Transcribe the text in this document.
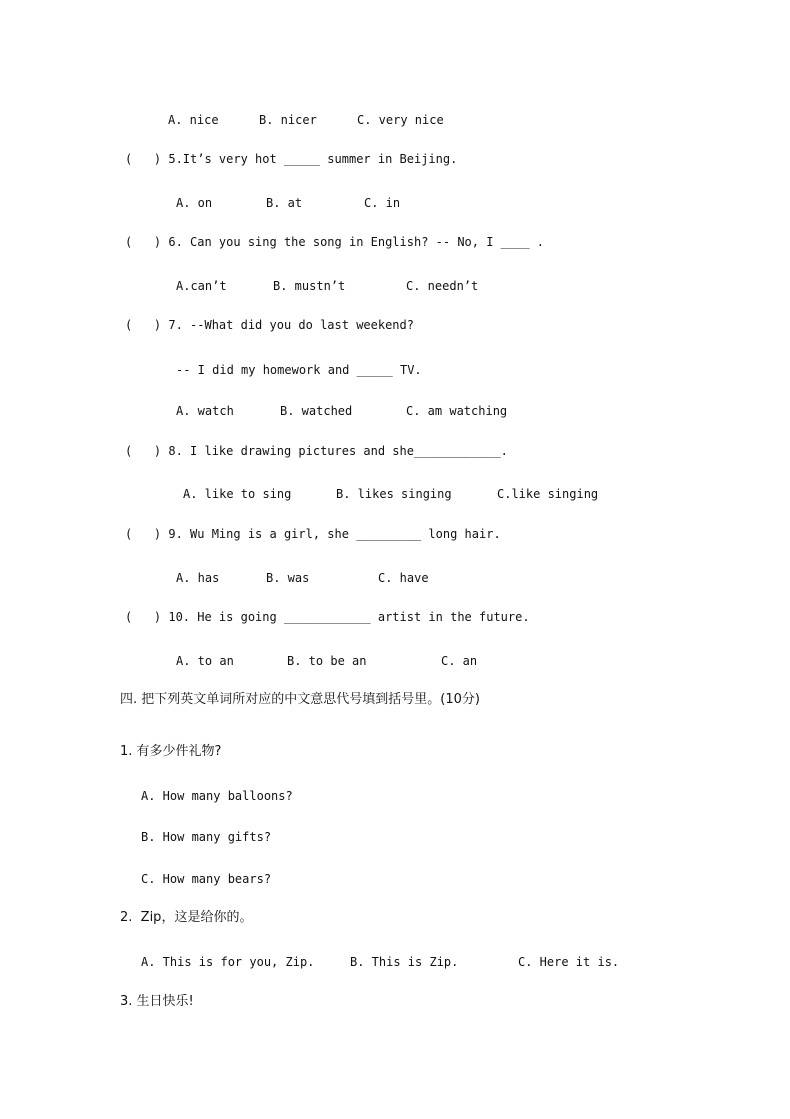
A. nice	B. nicer	C. very nice
(   ) 5.It’s very hot _____ summer in Beijing.
A. on	B. at	C. in
(   ) 6. Can you sing the song in English? -- No, I ____ .
A.can’t	B. mustn’t	C. needn’t
(   ) 7. --What did you do last weekend?
-- I did my homework and _____ TV.
A. watch	B. watched	C. am watching
(   ) 8. I like drawing pictures and she____________.
A. like to sing	B. likes singing	C.like singing
(   ) 9. Wu Ming is a girl, she _________ long hair.
A. has	B. was	C. have
(   ) 10. He is going ____________ artist in the future.
A. to an	B. to be an	C. an
四. 把下列英文单词所对应的中文意思代号填到括号里。(10分)
1. 有多少件礼物?
A. How many balloons?
B. How many gifts?
C. How many bears?
2.  Zip，这是给你的。
A. This is for you, Zip.	B. This is Zip.	C. Here it is.
3. 生日快乐!
